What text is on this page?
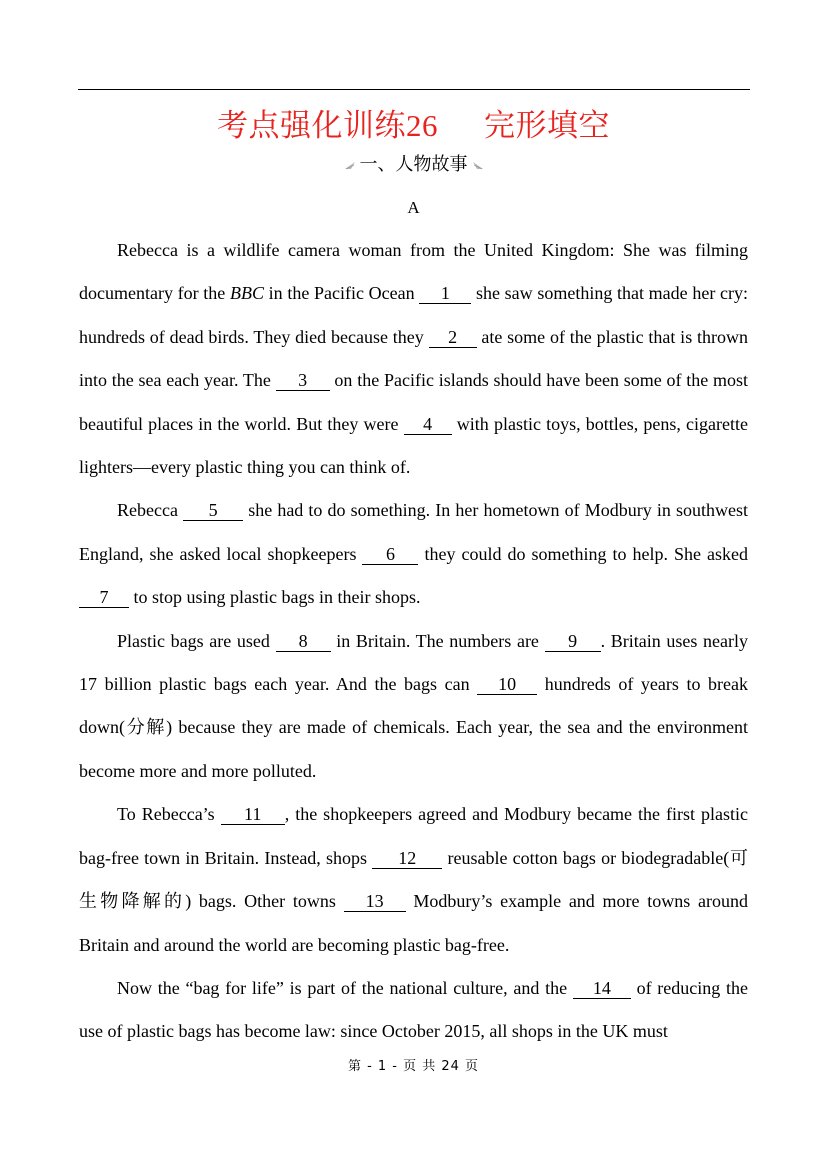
考点强化训练26 完形填空
一、人物故事
A

Rebecca is a wildlife camera woman from the United Kingdom: She was filming documentary for the BBC in the Pacific Ocean 1 she saw something that made her cry: hundreds of dead birds. They died because they 2 ate some of the plastic that is thrown into the sea each year. The 3 on the Pacific islands should have been some of the most beautiful places in the world. But they were 4 with plastic toys, bottles, pens, cigarette lighters—every plastic thing you can think of.

Rebecca 5 she had to do something. In her hometown of Modbury in southwest England, she asked local shopkeepers 6 they could do something to help. She asked 7 to stop using plastic bags in their shops.

Plastic bags are used 8 in Britain. The numbers are 9 . Britain uses nearly 17 billion plastic bags each year. And the bags can 10 hundreds of years to break down(分解) because they are made of chemicals. Each year, the sea and the environment become more and more polluted.

To Rebecca’s 11 , the shopkeepers agreed and Modbury became the first plastic bag-free town in Britain. Instead, shops 12 reusable cotton bags or biodegradable(可生物降解的) bags. Other towns 13 Modbury’s example and more towns around Britain and around the world are becoming plastic bag-free.

Now the “bag for life” is part of the national culture, and the 14 of reducing the use of plastic bags has become law: since October 2015, all shops in the UK must

第 - 1 - 页 共 24 页
